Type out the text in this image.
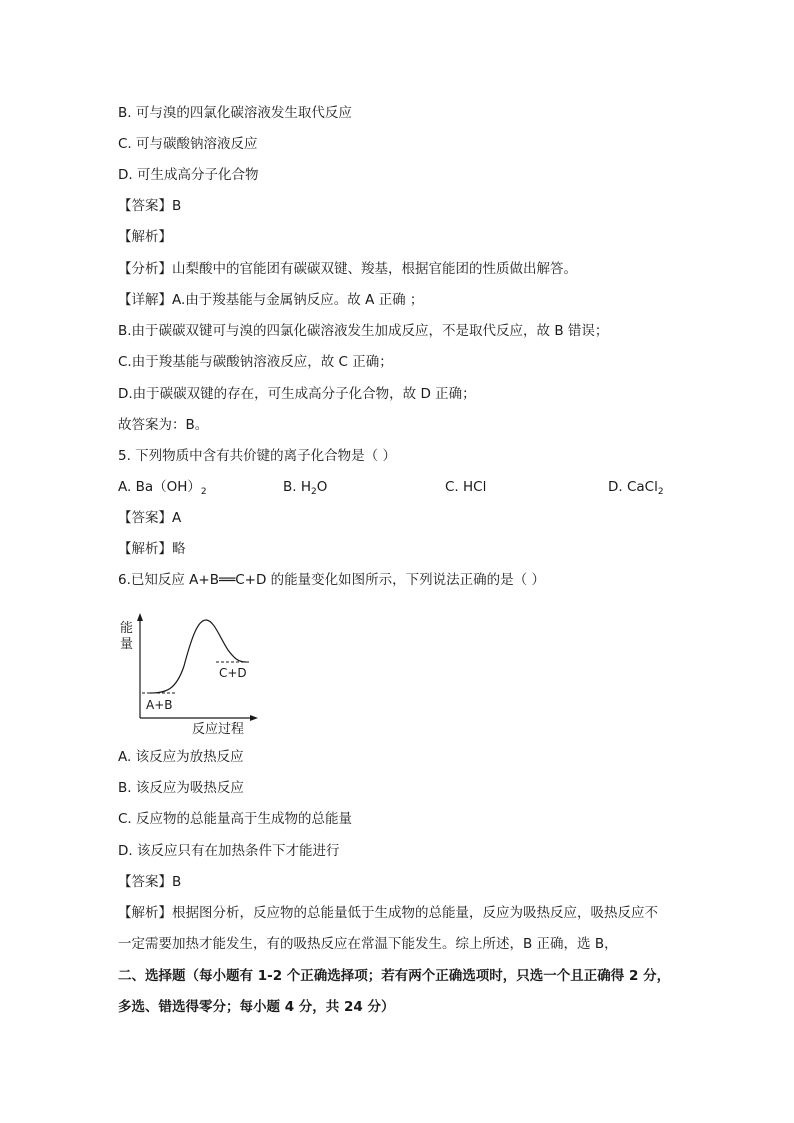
B. 可与溴的四氯化碳溶液发生取代反应
C. 可与碳酸钠溶液反应
D. 可生成高分子化合物
【答案】B
【解析】
【分析】山梨酸中的官能团有碳碳双键、羧基，根据官能团的性质做出解答。
【详解】A.由于羧基能与金属钠反应。故 A 正确 ；
B.由于碳碳双键可与溴的四氯化碳溶液发生加成反应，不是取代反应，故 B 错误；
C.由于羧基能与碳酸钠溶液反应，故 C 正确；
D.由于碳碳双键的存在，可生成高分子化合物，故 D 正确；
故答案为：B。
5. 下列物质中含有共价键的离子化合物是（ ）
A. $Ba(OH)_2$	B. $H_2O$	C. HCl	D. CaCl$_2$
【答案】A
【解析】略
6.已知反应 A+B══C+D 的能量变化如图所示，下列说法正确的是（ ）
能
量
A+B
C+D
反应过程
A. 该反应为放热反应
B. 该反应为吸热反应
C. 反应物的总能量高于生成物的总能量
D. 该反应只有在加热条件下才能进行
【答案】B
【解析】根据图分析，反应物的总能量低于生成物的总能量，反应为吸热反应，吸热反应不
一定需要加热才能发生，有的吸热反应在常温下能发生。综上所述，B 正确，选 B，
二、选择题（每小题有 1-2 个正确选择项；若有两个正确选项时，只选一个且正确得 2 分，
多选、错选得零分；每小题 4 分，共 24 分）
